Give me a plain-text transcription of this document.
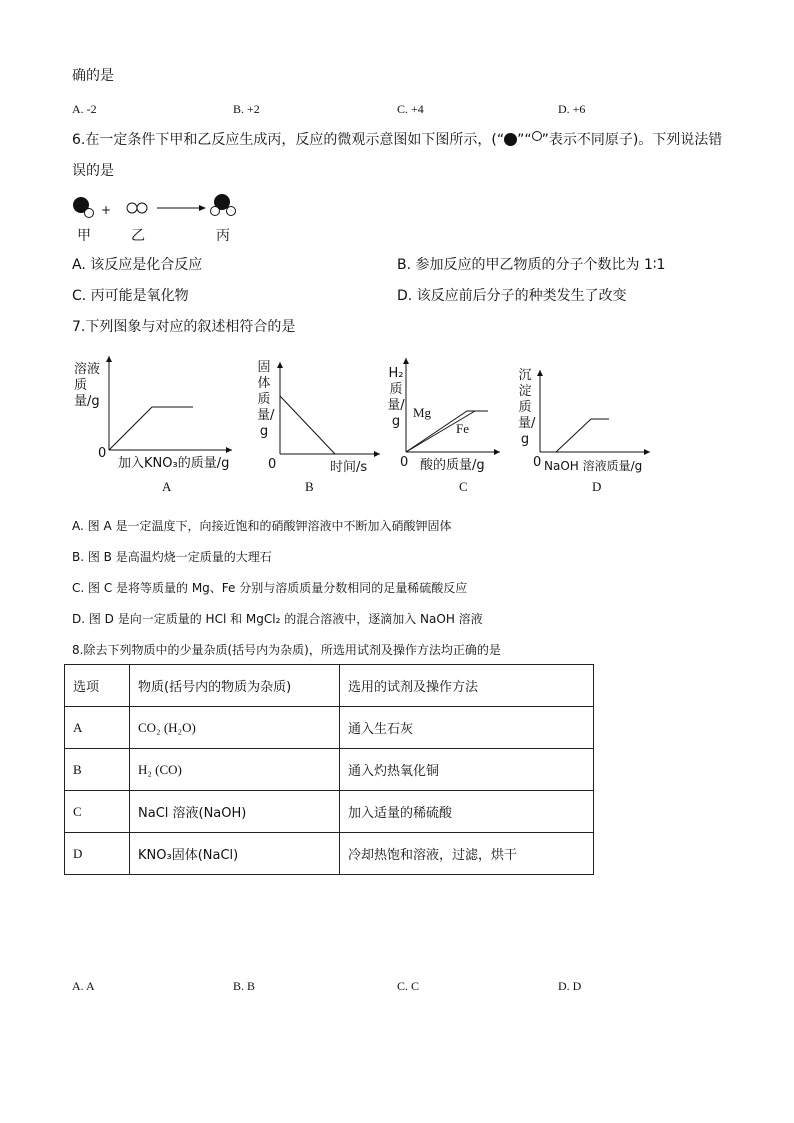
确的是
A. -2	B. +2	C. +4	D. +6
6.在一定条件下甲和乙反应生成丙，反应的微观示意图如下图所示，(“ ”“ ”表示不同原子)。下列说法错
误的是
+
甲	乙	丙
A. 该反应是化合反应	B. 参加反应的甲乙物质的分子个数比为 1∶1
C. 丙可能是氧化物	D. 该反应前后分子的种类发生了改变
7.下列图象与对应的叙述相符合的是
溶液质量/g
0
加入KNO₃的质量/g
A
固体质量/g
0	时间/s
B
H₂质量/g
Mg
Fe
0 酸的质量/g
C
沉淀质量/g
0 NaOH 溶液质量/g
D
A. 图 A 是一定温度下，向接近饱和的硝酸钾溶液中不断加入硝酸钾固体
B. 图 B 是高温灼烧一定质量的大理石
C. 图 C 是将等质量的 Mg、Fe 分别与溶质质量分数相同的足量稀硫酸反应
D. 图 D 是向一定质量的 HCl 和 MgCl₂ 的混合溶液中，逐滴加入 NaOH 溶液
8.除去下列物质中的少量杂质(括号内为杂质)，所选用试剂及操作方法均正确的是
选项	物质(括号内的物质为杂质)	选用的试剂及操作方法
A	CO₂ (H₂O)	通入生石灰
B	H₂ (CO)	通入灼热氧化铜
C	NaCl 溶液(NaOH)	加入适量的稀硫酸
D	KNO₃固体(NaCl)	冷却热饱和溶液，过滤，烘干
A. A	B. B	C. C	D. D
